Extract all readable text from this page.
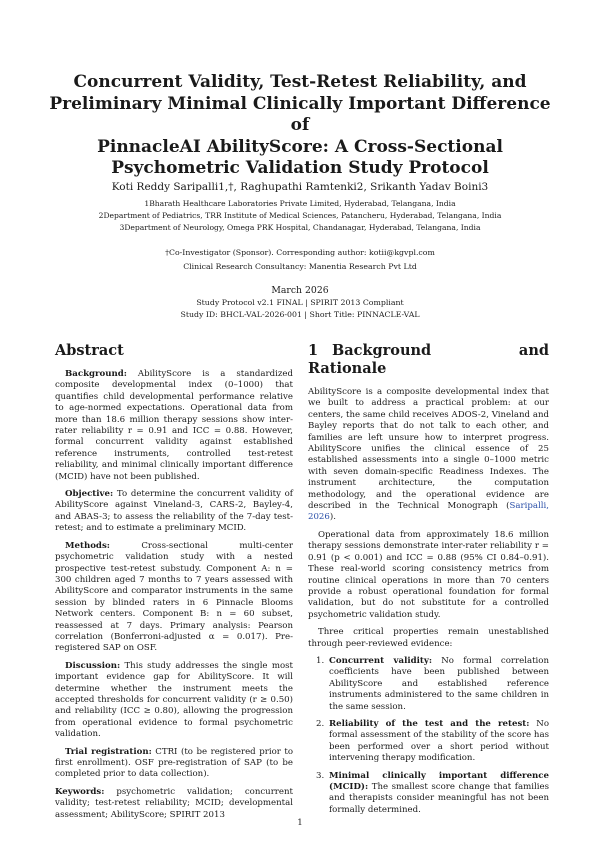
Concurrent Validity, Test-Retest Reliability, and
Preliminary Minimal Clinically Important Difference of
PinnacleAI AbilityScore: A Cross-Sectional
Psychometric Validation Study Protocol
Koti Reddy Saripalli1,†, Raghupathi Ramtenki2, Srikanth Yadav Boini3
1Bharath Healthcare Laboratories Private Limited, Hyderabad, Telangana, India
2Department of Pediatrics, TRR Institute of Medical Sciences, Patancheru, Hyderabad, Telangana, India
3Department of Neurology, Omega PRK Hospital, Chandanagar, Hyderabad, Telangana, India
†Co-Investigator (Sponsor). Corresponding author: kotii@kgvpl.com
Clinical Research Consultancy: Manentia Research Pvt Ltd
March 2026
Study Protocol v2.1 FINAL | SPIRIT 2013 Compliant
Study ID: BHCL-VAL-2026-001 | Short Title: PINNACLE-VAL
Abstract

Background: AbilityScore is a standardized composite developmental index (0–1000) that quantifies child developmental performance relative to age-normed expectations. Operational data from more than 18.6 million therapy sessions show inter-rater reliability r = 0.91 and ICC = 0.88. However, formal concurrent validity against established reference instruments, controlled test-retest reliability, and minimal clinically important difference (MCID) have not been published.

Objective: To determine the concurrent validity of AbilityScore against Vineland-3, CARS-2, Bayley-4, and ABAS-3; to assess the reliability of the 7-day test-retest; and to estimate a preliminary MCID.

Methods:	Cross-sectional multi-center psychometric validation study with a nested prospective test-retest substudy. Component A: n = 300 children aged 7 months to 7 years assessed with AbilityScore and comparator instruments in the same session by blinded raters in 6 Pinnacle Blooms Network centers. Component B: n = 60 subset, reassessed at 7 days. Primary analysis: Pearson correlation (Bonferroni-adjusted α = 0.017). Pre-registered SAP on OSF.

Discussion: This study addresses the single most important evidence gap for AbilityScore. It will determine whether the instrument meets the accepted thresholds for concurrent validity (r ≥ 0.50) and reliability (ICC ≥ 0.80), allowing the progression from operational evidence to formal psychometric validation.

Trial registration: CTRI (to be registered prior to first enrollment). OSF pre-registration of SAP (to be completed prior to data collection).

Keywords: psychometric validation; concurrent validity; test-retest reliability; MCID; developmental assessment; AbilityScore; SPIRIT 2013

1 Background and Rationale

AbilityScore is a composite developmental index that we built to address a practical problem: at our centers, the same child receives ADOS-2, Vineland and Bayley reports that do not talk to each other, and families are left unsure how to interpret progress. AbilityScore unifies the clinical essence of 25 established assessments into a single 0–1000 metric with seven domain-specific Readiness Indexes. The instrument architecture, the computation methodology, and the operational evidence are described in the Technical Monograph (Saripalli, 2026).

Operational data from approximately 18.6 million therapy sessions demonstrate inter-rater reliability r = 0.91 (p < 0.001) and ICC = 0.88 (95% CI 0.84–0.91). These real-world scoring consistency metrics from routine clinical operations in more than 70 centers provide a robust operational foundation for formal validation, but do not substitute for a controlled psychometric validation study.

Three critical properties remain unestablished through peer-reviewed evidence:

1. Concurrent validity: No formal correlation coefficients have been published between AbilityScore and established reference instruments administered to the same children in the same session.
2. Reliability of the test and the retest: No formal assessment of the stability of the score has been performed over a short period without intervening therapy modification.
3. Minimal clinically important difference (MCID): The smallest score change that families and therapists consider meaningful has not been formally determined.
1
